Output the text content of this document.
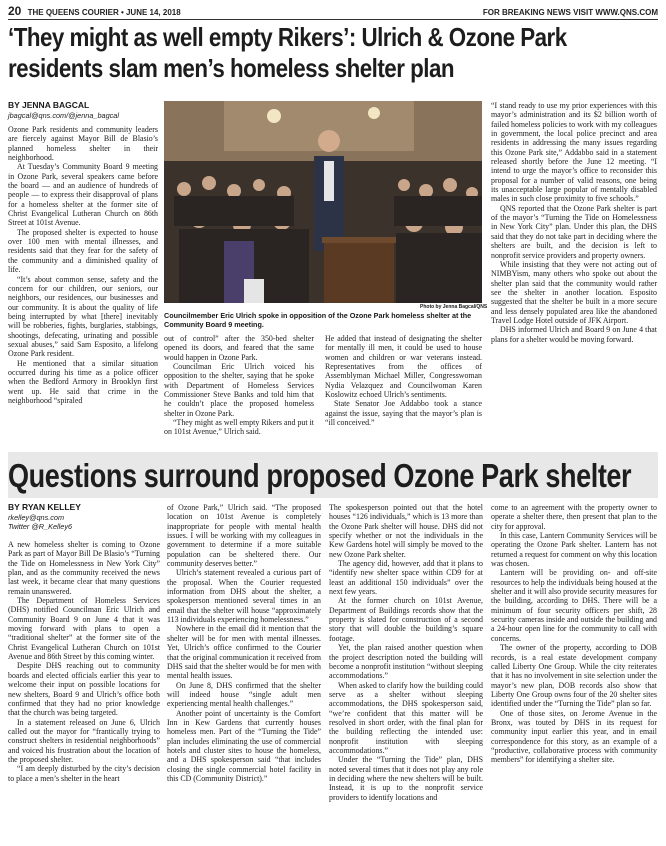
20 THE QUEENS COURIER • JUNE 14, 2018	FOR BREAKING NEWS VISIT WWW.QNS.COM
‘They might as well empty Rikers’: Ulrich & Ozone Park residents slam men’s homeless shelter plan
BY JENNA BAGCAL
jbagcal@qns.com/@jenna_bagcal

Ozone Park residents and community leaders are fiercely against Mayor Bill de Blasio’s planned homeless shelter in their neighborhood.

At Tuesday’s Community Board 9 meeting in Ozone Park, several speakers came before the board — and an audience of hundreds of people — to express their disapproval of plans for a homeless shelter at the former site of Christ Evangelical Lutheran Church on 86th Street at 101st Avenue.

The proposed shelter is expected to house over 100 men with mental illnesses, and residents said that they fear for the safety of the community and a diminished quality of life.

“It’s about common sense, safety and the concern for our children, our seniors, our neighbors, our residences, our businesses and our community. It is about the quality of life being interrupted by what [there] inevitably will be robberies, fights, burglaries, stabbings, shootings, defecating, urinating and possible sexual abuses,” said Sam Esposito, a lifelong Ozone Park resident.

He mentioned that a similar situation occurred during his time as a police officer when the Bedford Armory in Brooklyn first went up. He said that crime in the neighborhood “spiraled

Photo by Jenna Bagcal/QNS
Councilmember Eric Ulrich spoke in opposition of the Ozone Park homeless shelter at the Community Board 9 meeting.

out of control” after the 350-bed shelter opened its doors, and feared that the same would happen in Ozone Park.

Councilman Eric Ulrich voiced his opposition to the shelter, saying that he spoke with Department of Homeless Services Commissioner Steve Banks and told him that he couldn’t place the proposed homeless shelter in Ozone Park.

“They might as well empty Rikers and put it on 101st Avenue,” Ulrich said.

He added that instead of designating the shelter for mentally ill men, it could be used to house women and children or war veterans instead. Representatives from the offices of Assemblyman Michael Miller, Congresswoman Nydia Velazquez and Councilwoman Karen Koslowitz echoed Ulrich’s sentiments.

State Senator Joe Addabbo took a stance against the issue, saying that the mayor’s plan is “ill conceived.”

“I stand ready to use my prior experiences with this mayor’s administration and its $2 billion worth of failed homeless policies to work with my colleagues in government, the local police precinct and area residents in addressing the many issues regarding this Ozone Park site,” Addabbo said in a statement released shortly before the June 12 meeting. “I intend to urge the mayor’s office to reconsider this proposal for a number of valid reasons, one being its unacceptable large popular of mentally disabled males in such close proximity to five schools.”

QNS reported that the Ozone Park shelter is part of the mayor’s “Turning the Tide on Homelessness in New York City” plan. Under this plan, the DHS said that they do not take part in deciding where the shelters are built, and the decision is left to nonprofit service providers and property owners.

While insisting that they were not acting out of NIMBYism, many others who spoke out about the shelter plan said that the community would rather see the shelter in another location. Esposito suggested that the shelter be built in a more secure and less densely populated area like the abandoned Travel Lodge Hotel outside of JFK Airport.

DHS informed Ulrich and Board 9 on June 4 that plans for a shelter would be moving forward.

Questions surround proposed Ozone Park shelter
BY RYAN KELLEY
rkelley@qns.com
Twitter @R_Kelley6

A new homeless shelter is coming to Ozone Park as part of Mayor Bill De Blasio’s “Turning the Tide on Homelessness in New York City” plan, and as the community received the news last week, it became clear that many questions remain unanswered.

The Department of Homeless Services (DHS) notified Councilman Eric Ulrich and Community Board 9 on June 4 that it was moving forward with plans to open a “traditional shelter” at the former site of the Christ Evangelical Lutheran Church on 101st Avenue and 86th Street by this coming winter.

Despite DHS reaching out to community boards and elected officials earlier this year to welcome their input on possible locations for new shelters, Board 9 and Ulrich’s office both confirmed that they had no prior knowledge that the church was being targeted.

In a statement released on June 6, Ulrich called out the mayor for “frantically trying to construct shelters in residential neighborhoods” and voiced his frustration about the location of the proposed shelter.

“I am deeply disturbed by the city’s decision to place a men’s shelter in the heart

of Ozone Park,” Ulrich said. “The proposed location on 101st Avenue is completely inappropriate for people with mental health issues. I will be working with my colleagues in government to determine if a more suitable population can be sheltered there. Our community deserves better.”

Ulrich’s statement revealed a curious part of the proposal. When the Courier requested information from DHS about the shelter, a spokesperson mentioned several times in an email that the shelter will house “approximately 113 individuals experiencing homelessness.”

Nowhere in the email did it mention that the shelter will be for men with mental illnesses. Yet, Ulrich’s office confirmed to the Courier that the original communication it received from DHS said that the shelter would be for men with mental health issues.

On June 8, DHS confirmed that the shelter will indeed house “single adult men experiencing mental health challenges.”

Another point of uncertainty is the Comfort Inn in Kew Gardens that currently houses homeless men. Part of the “Turning the Tide” plan includes eliminating the use of commercial hotels and cluster sites to house the homeless, and a DHS spokesperson said “that includes closing the single commercial hotel facility in this CD (Community District).”

The spokesperson pointed out that the hotel houses “126 individuals,” which is 13 more than the Ozone Park shelter will house. DHS did not specify whether or not the individuals in the Kew Gardens hotel will simply be moved to the new Ozone Park shelter.

The agency did, however, add that it plans to “identify new shelter space within CD9 for at least an additional 150 individuals” over the next few years.

At the former church on 101st Avenue, Department of Buildings records show that the property is slated for construction of a second story that will double the building’s square footage.

Yet, the plan raised another question when the project description noted the building will become a nonprofit institution “without sleeping accommodations.”

When asked to clarify how the building could serve as a shelter without sleeping accommodations, the DHS spokesperson said, “we’re confident that this matter will be resolved in short order, with the final plan for the building reflecting the intended use: nonprofit institution with sleeping accommodations.”

Under the “Turning the Tide” plan, DHS noted several times that it does not play any role in deciding where the new shelters will be built. Instead, it is up to the nonprofit service providers to identify locations and

come to an agreement with the property owner to operate a shelter there, then present that plan to the city for approval.

In this case, Lantern Community Services will be operating the Ozone Park shelter. Lantern has not returned a request for comment on why this location was chosen.

Lantern will be providing on- and off-site resources to help the individuals being housed at the shelter and it will also provide security measures for the building, according to DHS. There will be a minimum of four security officers per shift, 28 security cameras inside and outside the building and a 24-hour open line for the community to call with concerns.

The owner of the property, according to DOB records, is a real estate development company called Liberty One Group. While the city reiterates that it has no involvement in site selection under the mayor’s new plan, DOB records also show that Liberty One Group owns four of the 20 shelter sites identified under the “Turning the Tide” plan so far.

One of those sites, on Jerome Avenue in the Bronx, was touted by DHS in its request for community input earlier this year, and in email correspondence for this story, as an example of a “productive, collaborative process with community members” for identifying a shelter site.
